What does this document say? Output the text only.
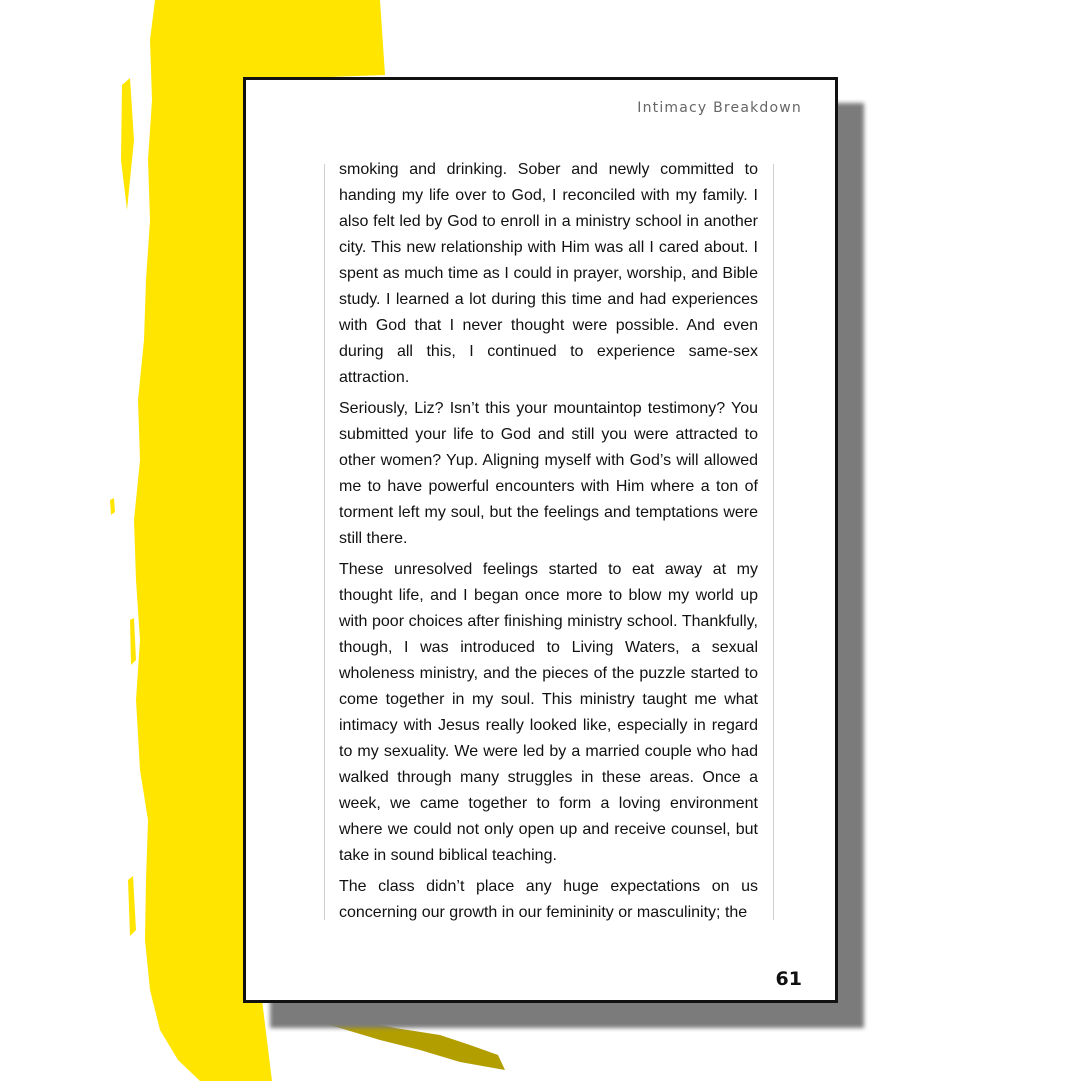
Intimacy Breakdown

smoking and drinking. Sober and newly committed to handing my life over to God, I reconciled with my family. I also felt led by God to enroll in a ministry school in another city. This new relationship with Him was all I cared about. I spent as much time as I could in prayer, worship, and Bible study. I learned a lot during this time and had experiences with God that I never thought were possible. And even during all this, I continued to experience same-sex attraction.

Seriously, Liz? Isn’t this your mountaintop testimony? You submitted your life to God and still you were attracted to other women? Yup. Aligning myself with God’s will allowed me to have powerful encounters with Him where a ton of torment left my soul, but the feelings and temptations were still there.

These unresolved feelings started to eat away at my thought life, and I began once more to blow my world up with poor choices after finishing ministry school. Thankfully, though, I was introduced to Living Waters, a sexual wholeness ministry, and the pieces of the puzzle started to come together in my soul. This ministry taught me what intimacy with Jesus really looked like, especially in regard to my sexuality. We were led by a married couple who had walked through many struggles in these areas. Once a week, we came together to form a loving environment where we could not only open up and receive counsel, but take in sound biblical teaching.

The class didn’t place any huge expectations on us concerning our growth in our femininity or masculinity; the

61
